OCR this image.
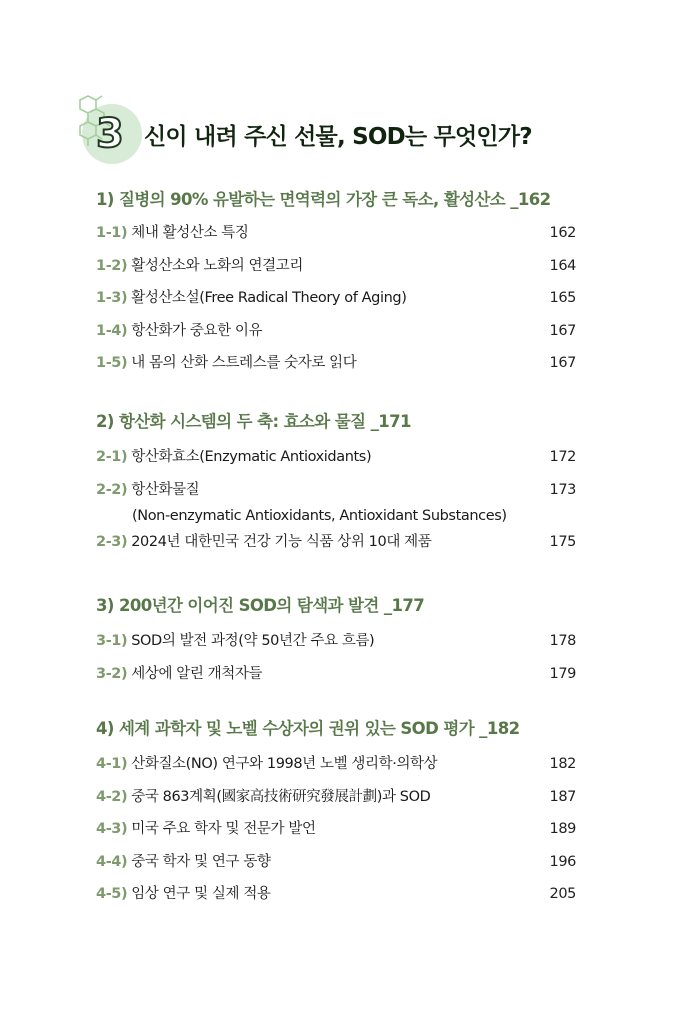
3 신이 내려 주신 선물, SOD는 무엇인가?
1) 질병의 90% 유발하는 면역력의 가장 큰 독소, 활성산소 _162
1-1) 체내 활성산소 특징	162
1-2) 활성산소와 노화의 연결고리	164
1-3) 활성산소설(Free Radical Theory of Aging)	165
1-4) 항산화가 중요한 이유	167
1-5) 내 몸의 산화 스트레스를 숫자로 읽다	167
2) 항산화 시스템의 두 축: 효소와 물질 _171
2-1) 항산화효소(Enzymatic Antioxidants)	172
2-2) 항산화물질	173
(Non-enzymatic Antioxidants, Antioxidant Substances)
2-3) 2024년 대한민국 건강 기능 식품 상위 10대 제품	175
3) 200년간 이어진 SOD의 탐색과 발견 _177
3-1) SOD의 발전 과정(약 50년간 주요 흐름)	178
3-2) 세상에 알린 개척자들	179
4) 세계 과학자 및 노벨 수상자의 권위 있는 SOD 평가 _182
4-1) 산화질소(NO) 연구와 1998년 노벨 생리학·의학상	182
4-2) 중국 863계획(國家高技術研究發展計劃)과 SOD	187
4-3) 미국 주요 학자 및 전문가 발언	189
4-4) 중국 학자 및 연구 동향	196
4-5) 임상 연구 및 실제 적용	205
